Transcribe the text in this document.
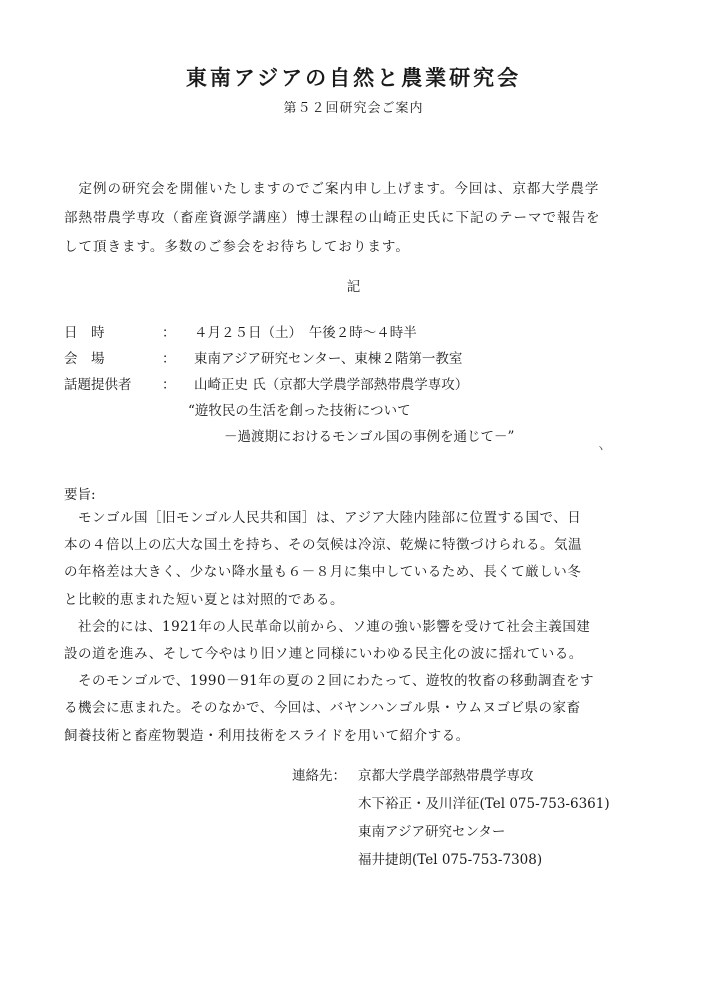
東南アジアの自然と農業研究会
第５２回研究会ご案内
　定例の研究会を開催いたしますのでご案内申し上げます。今回は、京都大学農学
部熱帯農学専攻（畜産資源学講座）博士課程の山崎正史氏に下記のテーマで報告を
して頂きます。多数のご参会をお待ちしております。
記
日　時	： ４月２５日（土）　午後２時～４時半
会　場	： 東南アジア研究センター、東棟２階第一教室
話題提供者	： 山崎正史 氏（京都大学農学部熱帯農学専攻）
“遊牧民の生活を創った技術について
－過渡期におけるモンゴル国の事例を通じて－”
ヽ
要旨:
　モンゴル国［旧モンゴル人民共和国］は、アジア大陸内陸部に位置する国で、日
本の４倍以上の広大な国土を持ち、その気候は冷涼、乾燥に特徴づけられる。気温
の年格差は大きく、少ない降水量も６－８月に集中しているため、長くて厳しい冬
と比較的恵まれた短い夏とは対照的である。
　社会的には、1921年の人民革命以前から、ソ連の強い影響を受けて社会主義国建
設の道を進み、そして今やはり旧ソ連と同様にいわゆる民主化の波に揺れている。
　そのモンゴルで、1990－91年の夏の２回にわたって、遊牧的牧畜の移動調査をす
る機会に恵まれた。そのなかで、今回は、バヤンハンゴル県・ウムヌゴビ県の家畜
飼養技術と畜産物製造・利用技術をスライドを用いて紹介する。
連絡先： 京都大学農学部熱帯農学専攻
木下裕正・及川洋征(Tel 075-753-6361)
東南アジア研究センター
福井捷朗(Tel 075-753-7308)
